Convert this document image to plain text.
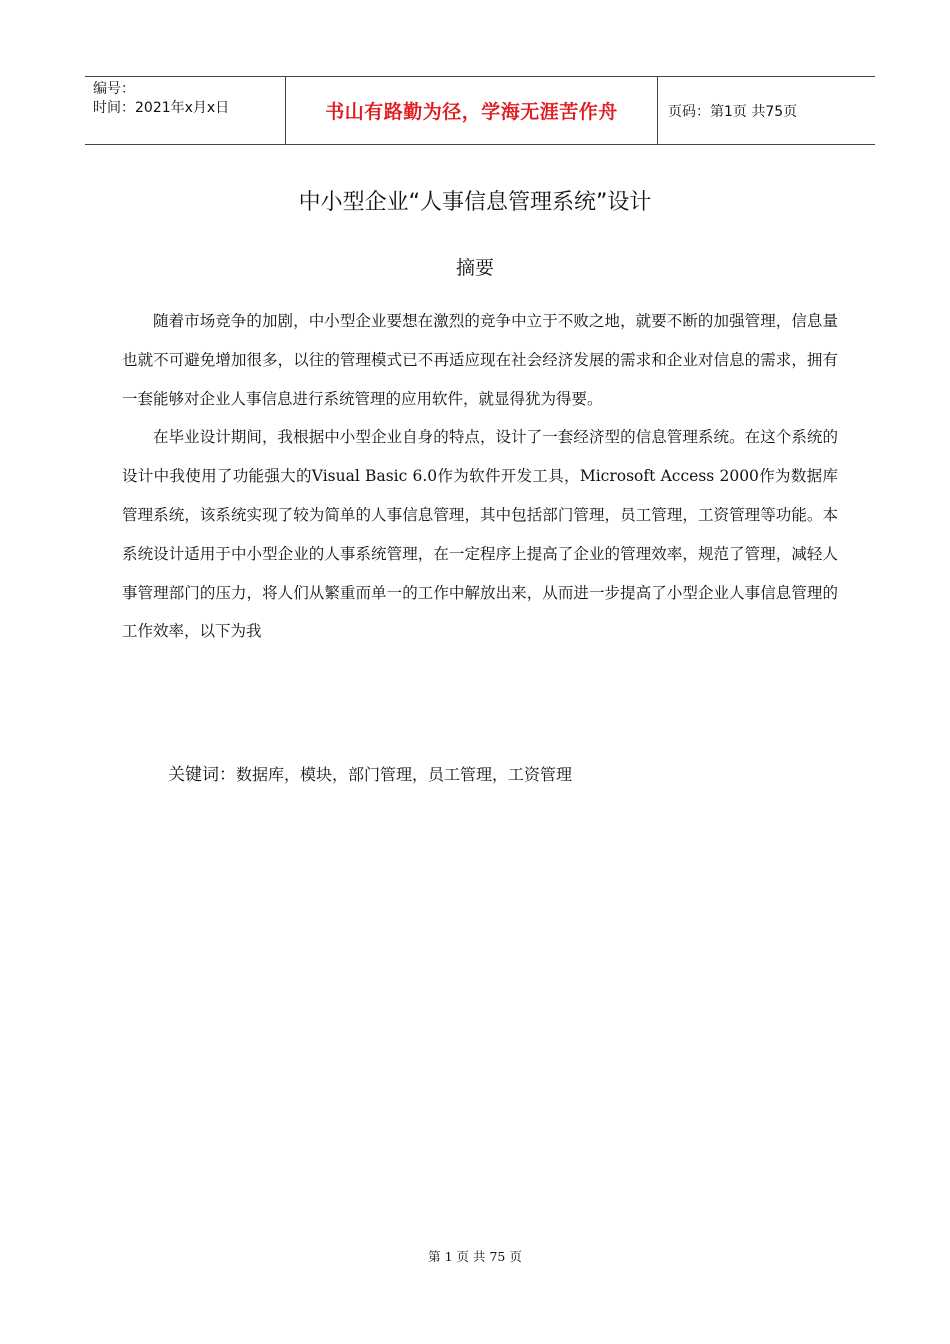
编号：
时间：2021年x月x日	书山有路勤为径，学海无涯苦作舟	页码：第1页 共75页
中小型企业“人事信息管理系统”设计
摘要

随着市场竞争的加剧，中小型企业要想在激烈的竞争中立于不败之地，就要不断的加强管理，信息量也就不可避免增加很多，以往的管理模式已不再适应现在社会经济发展的需求和企业对信息的需求，拥有一套能够对企业人事信息进行系统管理的应用软件，就显得犹为得要。

在毕业设计期间，我根据中小型企业自身的特点，设计了一套经济型的信息管理系统。在这个系统的设计中我使用了功能强大的Visual Basic 6.0作为软件开发工具，Microsoft Access 2000作为数据库管理系统，该系统实现了较为简单的人事信息管理，其中包括部门管理，员工管理，工资管理等功能。本系统设计适用于中小型企业的人事系统管理，在一定程序上提高了企业的管理效率，规范了管理，减轻人事管理部门的压力，将人们从繁重而单一的工作中解放出来，从而进一步提高了小型企业人事信息管理的工作效率，以下为我

关键词：数据库，模块，部门管理，员工管理，工资管理
第 1 页 共 75 页
